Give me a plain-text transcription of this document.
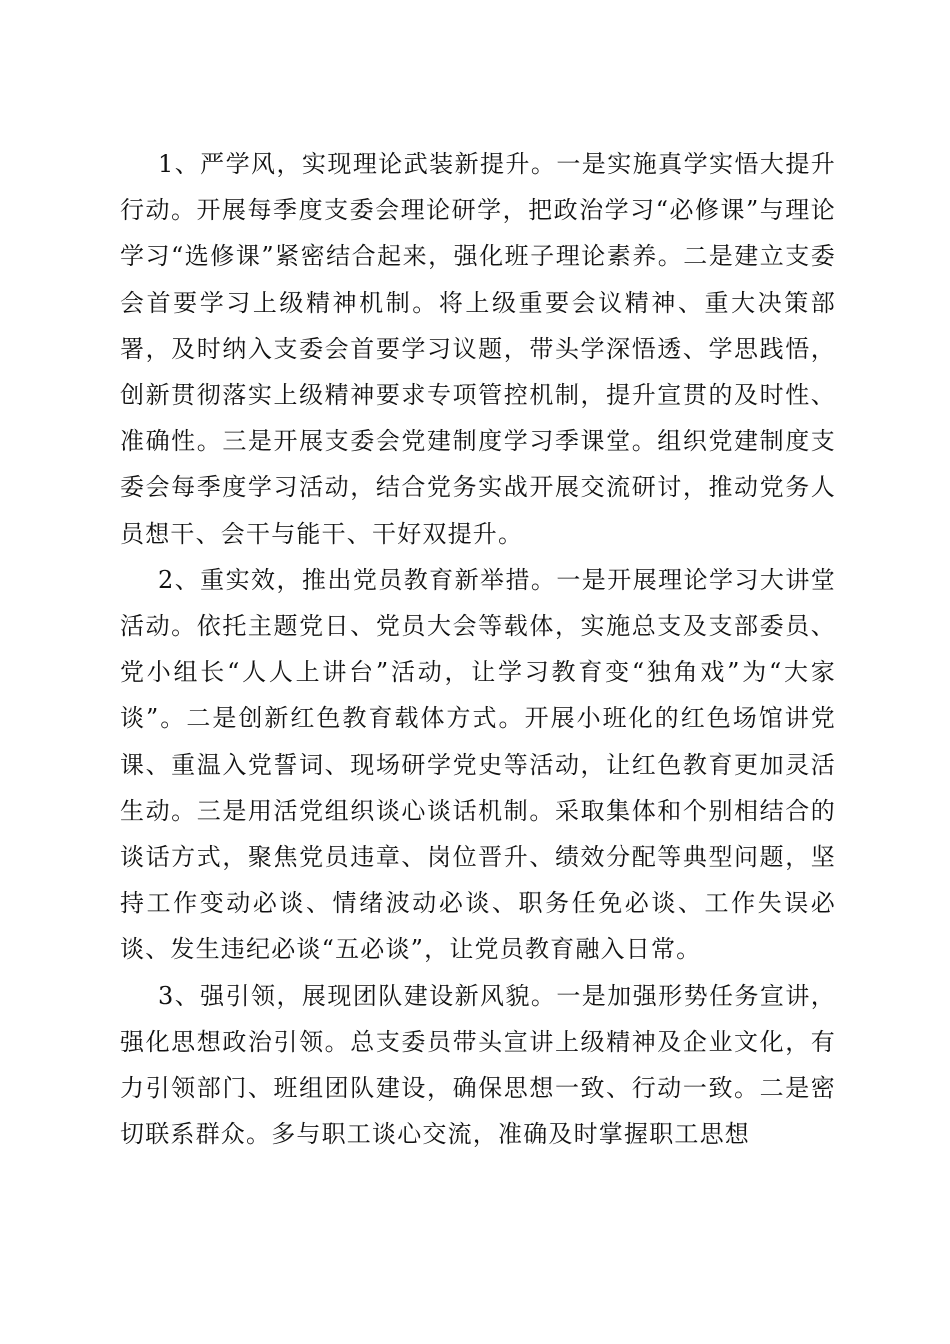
1、严学风，实现理论武装新提升。一是实施真学实悟大提升行动。开展每季度支委会理论研学，把政治学习“必修课”与理论学习“选修课”紧密结合起来，强化班子理论素养。二是建立支委会首要学习上级精神机制。将上级重要会议精神、重大决策部署，及时纳入支委会首要学习议题，带头学深悟透、学思践悟，创新贯彻落实上级精神要求专项管控机制，提升宣贯的及时性、准确性。三是开展支委会党建制度学习季课堂。组织党建制度支委会每季度学习活动，结合党务实战开展交流研讨，推动党务人员想干、会干与能干、干好双提升。

2、重实效，推出党员教育新举措。一是开展理论学习大讲堂活动。依托主题党日、党员大会等载体，实施总支及支部委员、党小组长“人人上讲台”活动，让学习教育变“独角戏”为“大家谈”。二是创新红色教育载体方式。开展小班化的红色场馆讲党课、重温入党誓词、现场研学党史等活动，让红色教育更加灵活生动。三是用活党组织谈心谈话机制。采取集体和个别相结合的谈话方式，聚焦党员违章、岗位晋升、绩效分配等典型问题，坚持工作变动必谈、情绪波动必谈、职务任免必谈、工作失误必谈、发生违纪必谈“五必谈”，让党员教育融入日常。

3、强引领，展现团队建设新风貌。一是加强形势任务宣讲，强化思想政治引领。总支委员带头宣讲上级精神及企业文化，有力引领部门、班组团队建设，确保思想一致、行动一致。二是密切联系群众。多与职工谈心交流，准确及时掌握职工思想
